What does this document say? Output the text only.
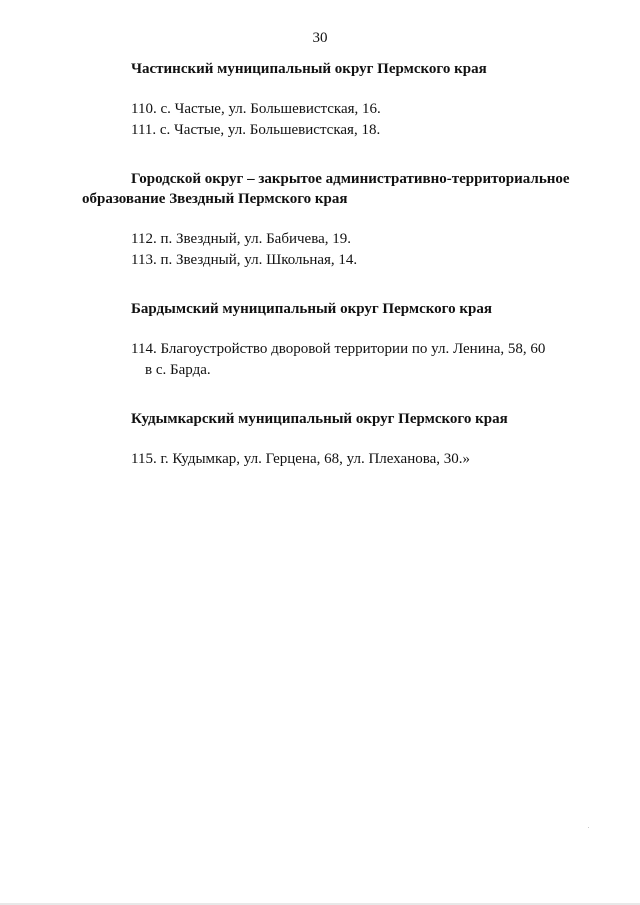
30

Частинский муниципальный округ Пермского края

110. с. Частые, ул. Большевистская, 16.

111. с. Частые, ул. Большевистская, 18.

Городской округ – закрытое административно-территориальное образование Звездный Пермского края

112. п. Звездный, ул. Бабичева, 19.

113. п. Звездный, ул. Школьная, 14.

Бардымский муниципальный округ Пермского края

114. Благоустройство дворовой территории по ул. Ленина, 58, 60
в с. Барда.

Кудымкарский муниципальный округ Пермского края

115. г. Кудымкар, ул. Герцена, 68, ул. Плеханова, 30.»
